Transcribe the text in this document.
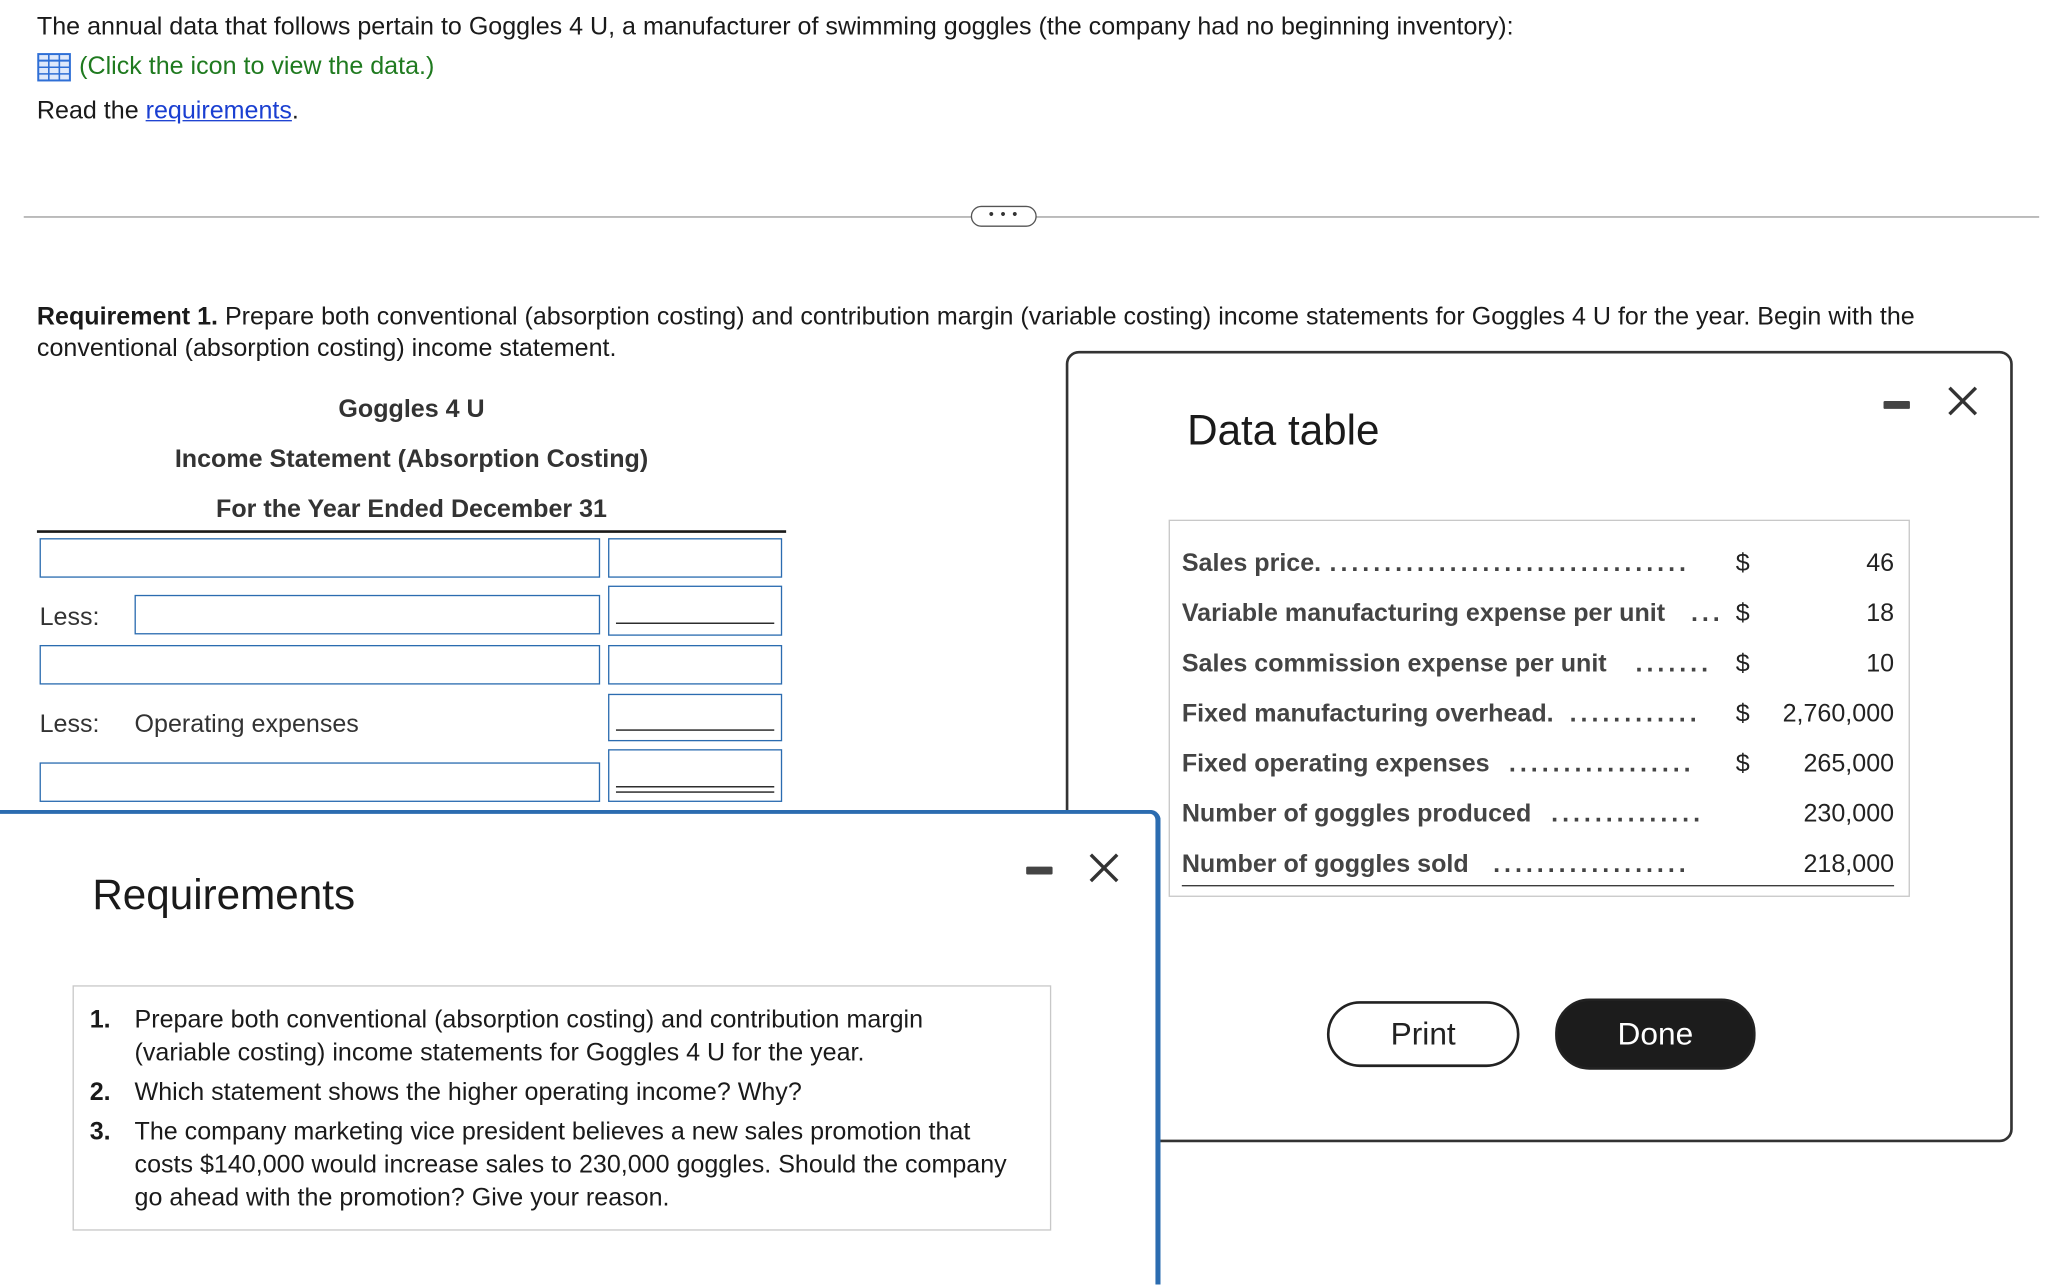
The annual data that follows pertain to Goggles 4 U, a manufacturer of swimming goggles (the company had no beginning inventory):
(Click the icon to view the data.)
Read the requirements.
• • •
Requirement 1. Prepare both conventional (absorption costing) and contribution margin (variable costing) income statements for Goggles 4 U for the year. Begin with the conventional (absorption costing) income statement.
Goggles 4 U
Income Statement (Absorption Costing)
For the Year Ended December 31
Less:
Less: Operating expenses
Data table
Sales price. .................................	$	46
Variable manufacturing expense per unit ... $	18
Sales commission expense per unit .......	$	10
Fixed manufacturing overhead. ............	$ 2,760,000
Fixed operating expenses .................	$	265,000
Number of goggles produced ..............	230,000
Number of goggles sold ..................	218,000
Print	Done
Requirements
1. Prepare both conventional (absorption costing) and contribution margin (variable costing) income statements for Goggles 4 U for the year.
2. Which statement shows the higher operating income? Why?
3. The company marketing vice president believes a new sales promotion that costs $140,000 would increase sales to 230,000 goggles. Should the company go ahead with the promotion? Give your reason.
